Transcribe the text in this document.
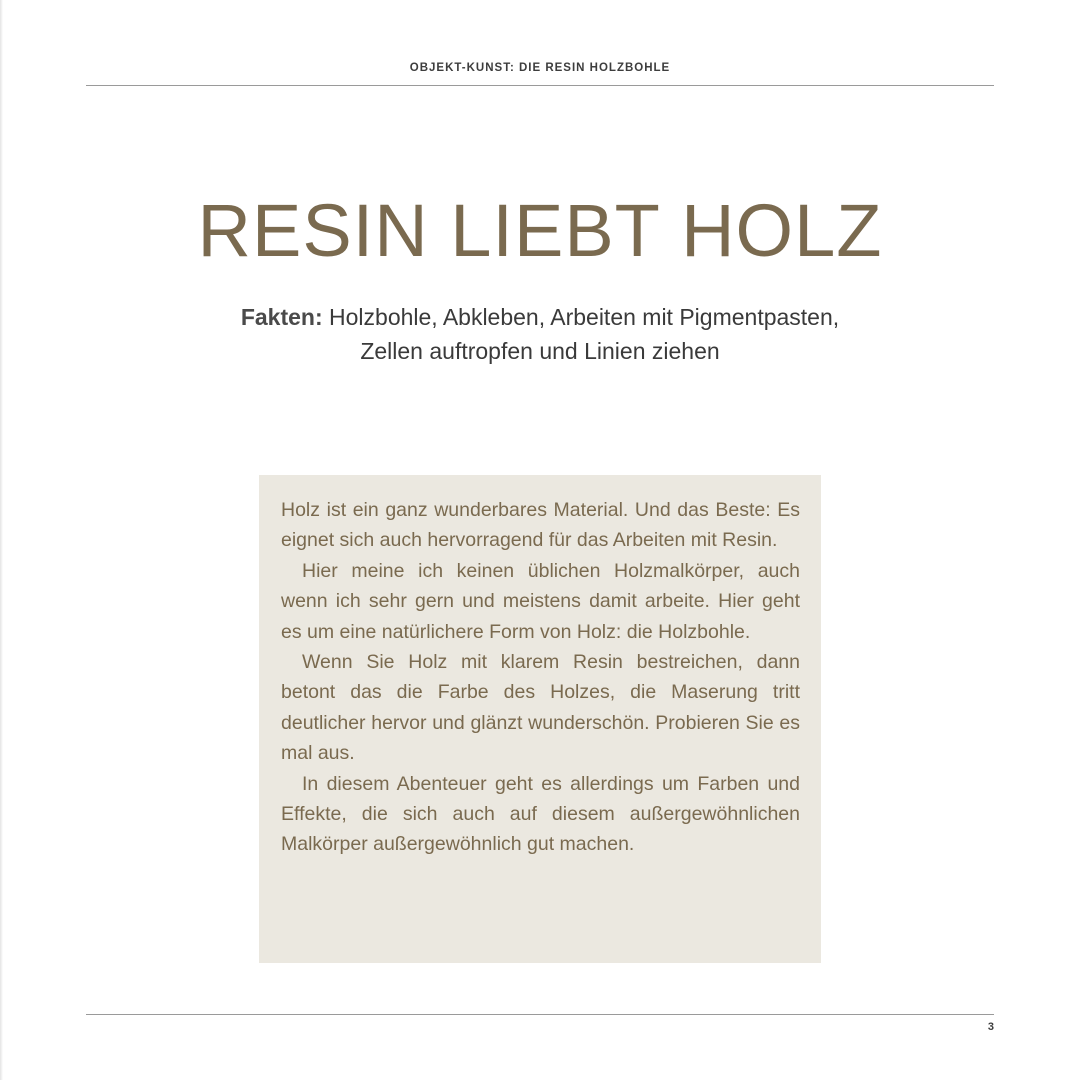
OBJEKT-KUNST: DIE RESIN HOLZBOHLE
RESIN LIEBT HOLZ
Fakten: Holzbohle, Abkleben, Arbeiten mit Pigmentpasten,
Zellen auftropfen und Linien ziehen

Holz ist ein ganz wunderbares Material. Und das Beste: Es eignet sich auch hervorragend für das Arbeiten mit Resin.

Hier meine ich keinen üblichen Holzmalkörper, auch wenn ich sehr gern und meistens damit arbeite. Hier geht es um eine natürlichere Form von Holz: die Holzbohle.

Wenn Sie Holz mit klarem Resin bestreichen, dann betont das die Farbe des Holzes, die Maserung tritt deutlicher hervor und glänzt wunderschön. Probieren Sie es mal aus.

In diesem Abenteuer geht es allerdings um Farben und Effekte, die sich auch auf diesem außergewöhnlichen Malkörper außergewöhnlich gut machen.

3
